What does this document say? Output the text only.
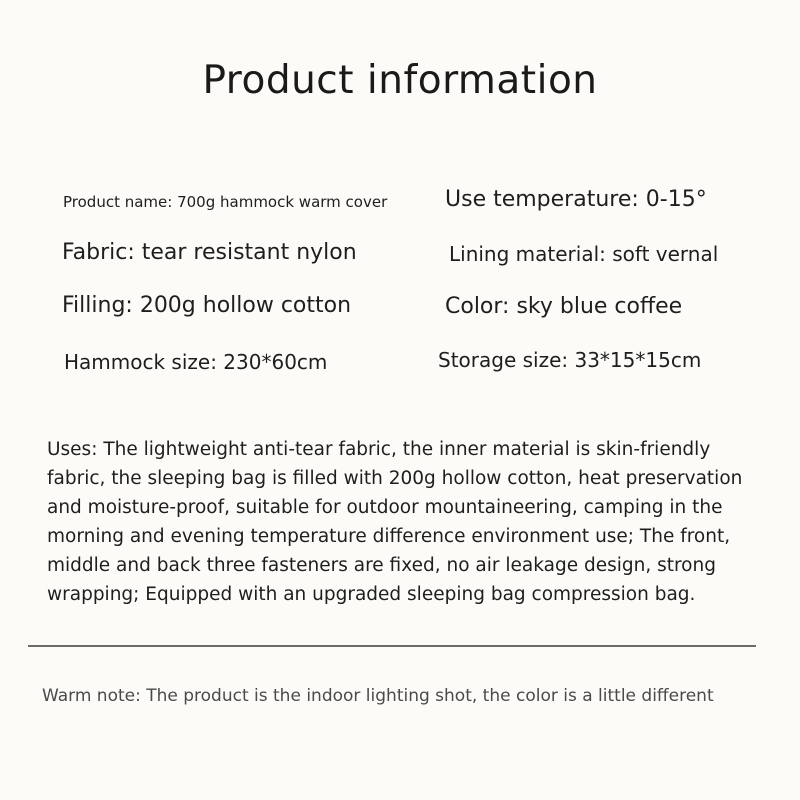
Product information
Product name: 700g hammock warm cover	Use temperature: 0-15°
Fabric: tear resistant nylon	Lining material: soft vernal
Filling: 200g hollow cotton	Color: sky blue coffee
Hammock size: 230*60cm	Storage size: 33*15*15cm
Uses: The lightweight anti-tear fabric, the inner material is skin-friendly
fabric, the sleeping bag is filled with 200g hollow cotton, heat preservation
and moisture-proof, suitable for outdoor mountaineering, camping in the
morning and evening temperature difference environment use; The front,
middle and back three fasteners are fixed, no air leakage design, strong
wrapping; Equipped with an upgraded sleeping bag compression bag.
Warm note: The product is the indoor lighting shot, the color is a little different
